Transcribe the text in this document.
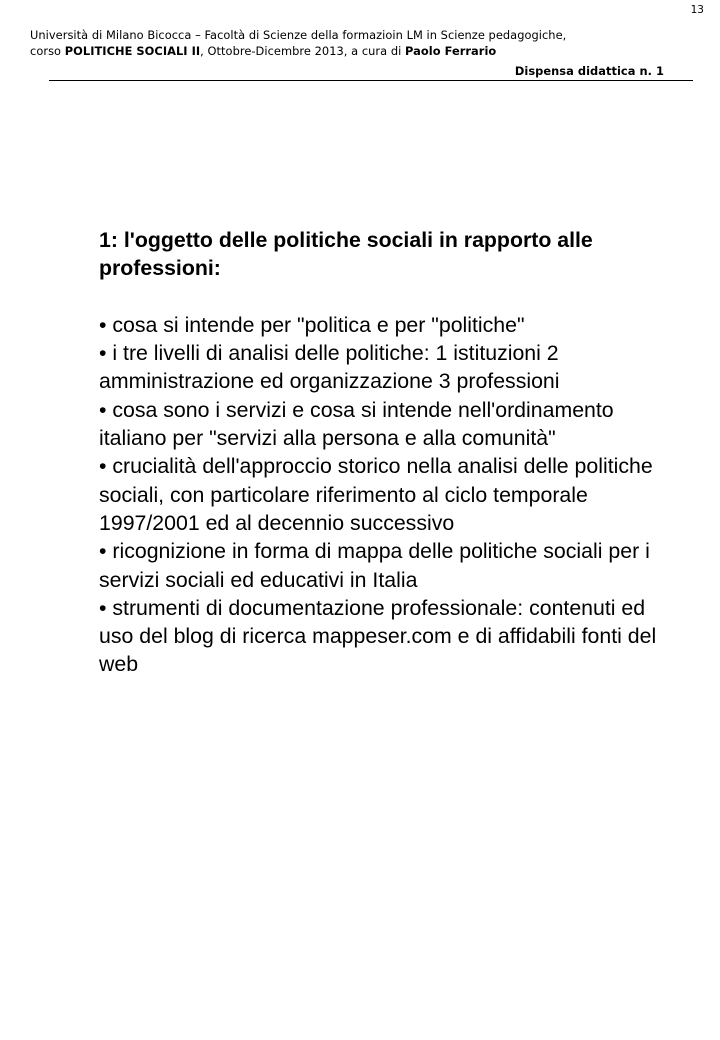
13
Università di Milano Bicocca – Facoltà di Scienze della formazioin LM in Scienze pedagogiche,
corso POLITICHE SOCIALI II, Ottobre-Dicembre 2013, a cura di Paolo Ferrario
Dispensa didattica n. 1

1: l'oggetto delle politiche sociali in rapporto alle professioni:

• cosa si intende per "politica e per "politiche"
• i tre livelli di analisi delle politiche: 1 istituzioni 2 amministrazione ed organizzazione 3 professioni
• cosa sono i servizi e cosa si intende nell'ordinamento italiano per "servizi alla persona e alla comunità"
• crucialità dell'approccio storico nella analisi delle politiche sociali, con particolare riferimento al ciclo temporale 1997/2001 ed al decennio successivo
• ricognizione in forma di mappa delle politiche sociali per i servizi sociali ed educativi in Italia
• strumenti di documentazione professionale: contenuti ed uso del blog di ricerca mappeser.com e di affidabili fonti del web
